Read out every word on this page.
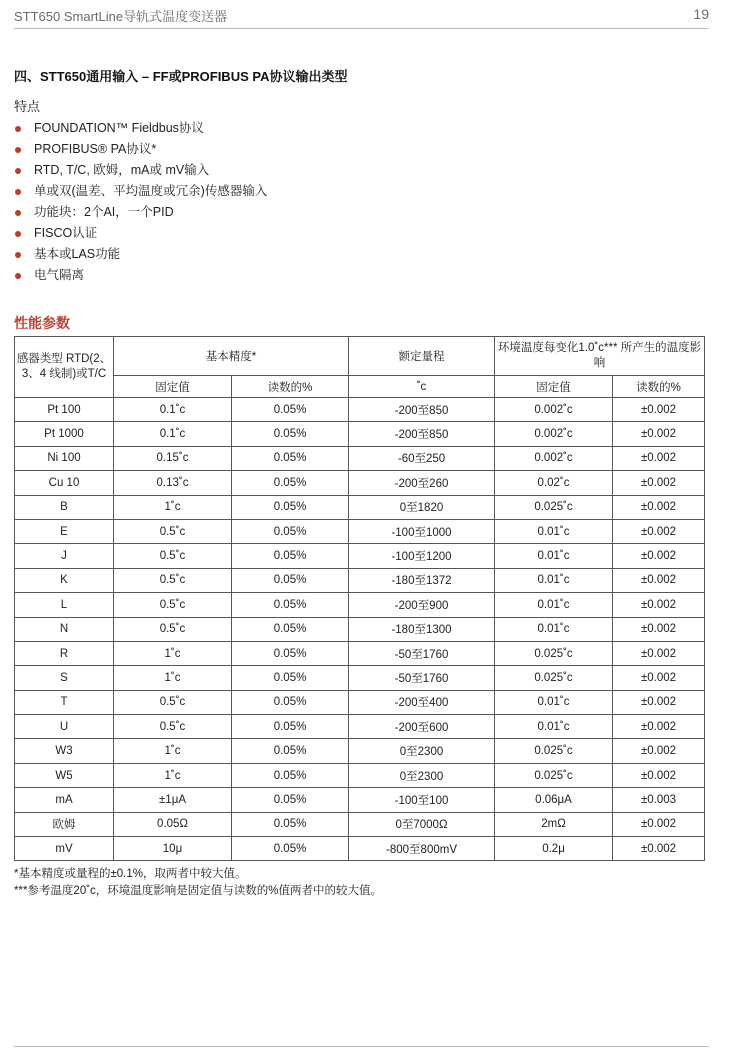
STT650 SmartLine导轨式温度变送器	19
四、STT650通用输入 – FF或PROFIBUS PA协议输出类型
特点
FOUNDATION™ Fieldbus协议
PROFIBUS® PA协议*
RTD, T/C, 欧姆，mA或 mV输入
单或双(温差、平均温度或冗余)传感器输入
功能块：2个AI，一个PID
FISCO认证
基本或LAS功能
电气隔离
性能参数
感器类型 RTD(2、3、4 线制)或T/C	基本精度*		额定量程	环境温度每变化1.0˚c*** 所产生的温度影响	
	固定值	读数的%	˚c	固定值	读数的%
Pt 100	0.1˚c	0.05%	-200至850	0.002˚c	±0.002
Pt 1000	0.1˚c	0.05%	-200至850	0.002˚c	±0.002
Ni 100	0.15˚c	0.05%	-60至250	0.002˚c	±0.002
Cu 10	0.13˚c	0.05%	-200至260	0.02˚c	±0.002
B	1˚c	0.05%	0至1820	0.025˚c	±0.002
E	0.5˚c	0.05%	-100至1000	0.01˚c	±0.002
J	0.5˚c	0.05%	-100至1200	0.01˚c	±0.002
K	0.5˚c	0.05%	-180至1372	0.01˚c	±0.002
L	0.5˚c	0.05%	-200至900	0.01˚c	±0.002
N	0.5˚c	0.05%	-180至1300	0.01˚c	±0.002
R	1˚c	0.05%	-50至1760	0.025˚c	±0.002
S	1˚c	0.05%	-50至1760	0.025˚c	±0.002
T	0.5˚c	0.05%	-200至400	0.01˚c	±0.002
U	0.5˚c	0.05%	-200至600	0.01˚c	±0.002
W3	1˚c	0.05%	0至2300	0.025˚c	±0.002
W5	1˚c	0.05%	0至2300	0.025˚c	±0.002
mA	±1μA	0.05%	-100至100	0.06μA	±0.003
欧姆	0.05Ω	0.05%	0至7000Ω	2mΩ	±0.002
mV	10μ	0.05%	-800至800mV	0.2μ	±0.002
*基本精度或量程的±0.1%，取两者中较大值。
***参考温度20˚c，环境温度影响是固定值与读数的%值两者中的较大值。
